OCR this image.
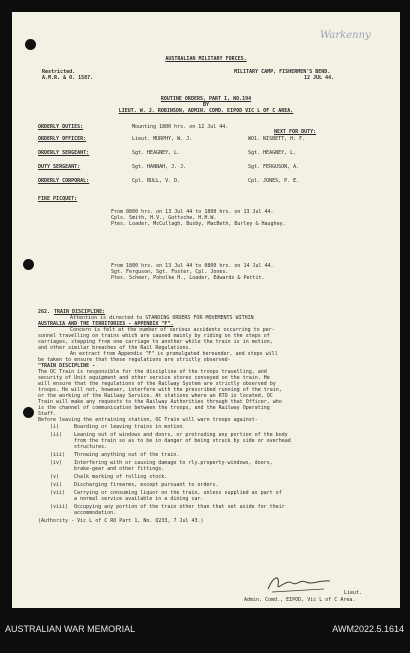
Warkenny
AUSTRALIAN MILITARY FORCES.
Restricted.
A.M.R. & O. 1587.
MILITARY CAMP, FISHERMEN'S BEND.
12 JUL 44.
ROUTINE ORDERS, PART I, NO.194
BY
LIEUT. W. J. ROBINSON, ADMIN. COMD. EIPOD VIC L OF C AREA.
ORDERLY DUTIES:	Mounting 1800 hrs. on 12 Jul 44.
NEXT FOR DUTY:
ORDERLY OFFICER:	Lieut. MURPHY, W. J.	WO1. NISBETT, H. F.
ORDERLY SERGEANT:	Sgt. HEAGNEY, L.	Sgt. HEAGNEY, L.
DUTY SERGEANT:	Sgt. HANNAH, J. J.	Sgt. FERGUSON, A.
ORDERLY CORPORAL:	Cpl. BULL, V. D.	Cpl. JONES, P. E.
FIRE PICQUET:
From 0800 hrs. on 13 Jul 44 to 1800 hrs. on 13 Jul 44.
Cpls. Smith, H.V., Gottsche, H.H.W.
Ptes. Loader, McCullagh, Busby, MacBeth, Burley & Haughey.
From 1800 hrs. on 13 Jul 44 to 0800 hrs. on 14 Jul 44.
Sgt. Ferguson, Sgt. Foster, Cpl. Jones.
Ptes. Scheer, Poholke H., Loader, Edwards & Pettit.
262. TRAIN DISCIPLINE:
Attention is directed to STANDING ORDERS FOR MOVEMENTS WITHIN
AUSTRALIA AND THE TERRITORIES - APPENDIX "F".
Concern is felt at the number of serious accidents occurring to per-
sonnel travelling on trains which are caused mainly by riding on the steps of
carriages, stepping from one carriage to another while the train is in motion,
and other similar breaches of the Rail Regulations.
An extract from Appendix "F" is promulgated hereunder, and steps will
be taken to ensure that these regulations are strictly observed-
"TRAIN DISCIPLINE -
The OC Train is responsible for the discipline of the troops travelling, and
security of Unit equipment and other service stores conveyed on the train. He
will ensure that the regulations of the Railway System are strictly observed by
troops. He will not, however, interfere with the prescribed running of the train,
or the working of the Railway Service. At stations where an RTO is located, OC
Train will make any requests to the Railway Authorities through that Officer, who
is the channel of communication between the troops, and the Railway Operating
Staff.
Before leaving the entraining station, OC Train will warn troops against-
(i)	Boarding or leaving trains in motion.
(ii) Leaning out of windows and doors, or protruding any portion of the body
from the train so as to be in danger of being struck by side or overhead
structures.
(iii) Throwing anything out of the train.
(iv) Interfering with or causing damage to rly.property-windows, doors,
brake-gear and other fittings.
(v)	Chalk marking of rolling stock.
(vi) Discharging firearms, except pursuant to orders.
(vii) Carrying or consuming liquor on the train, unless supplied as part of
a normal service available in a dining car.
(viii) Occupying any portion of the train other than that set aside for their
accommodation.
(Authority - Vic L of C RO Part 1, No. Q233, 7 Jul 43.)
Lieut.
Admin. Comd., EIPOD, Vic L of C Area.
AUSTRALIAN WAR MEMORIAL	AWM2022.5.1614
